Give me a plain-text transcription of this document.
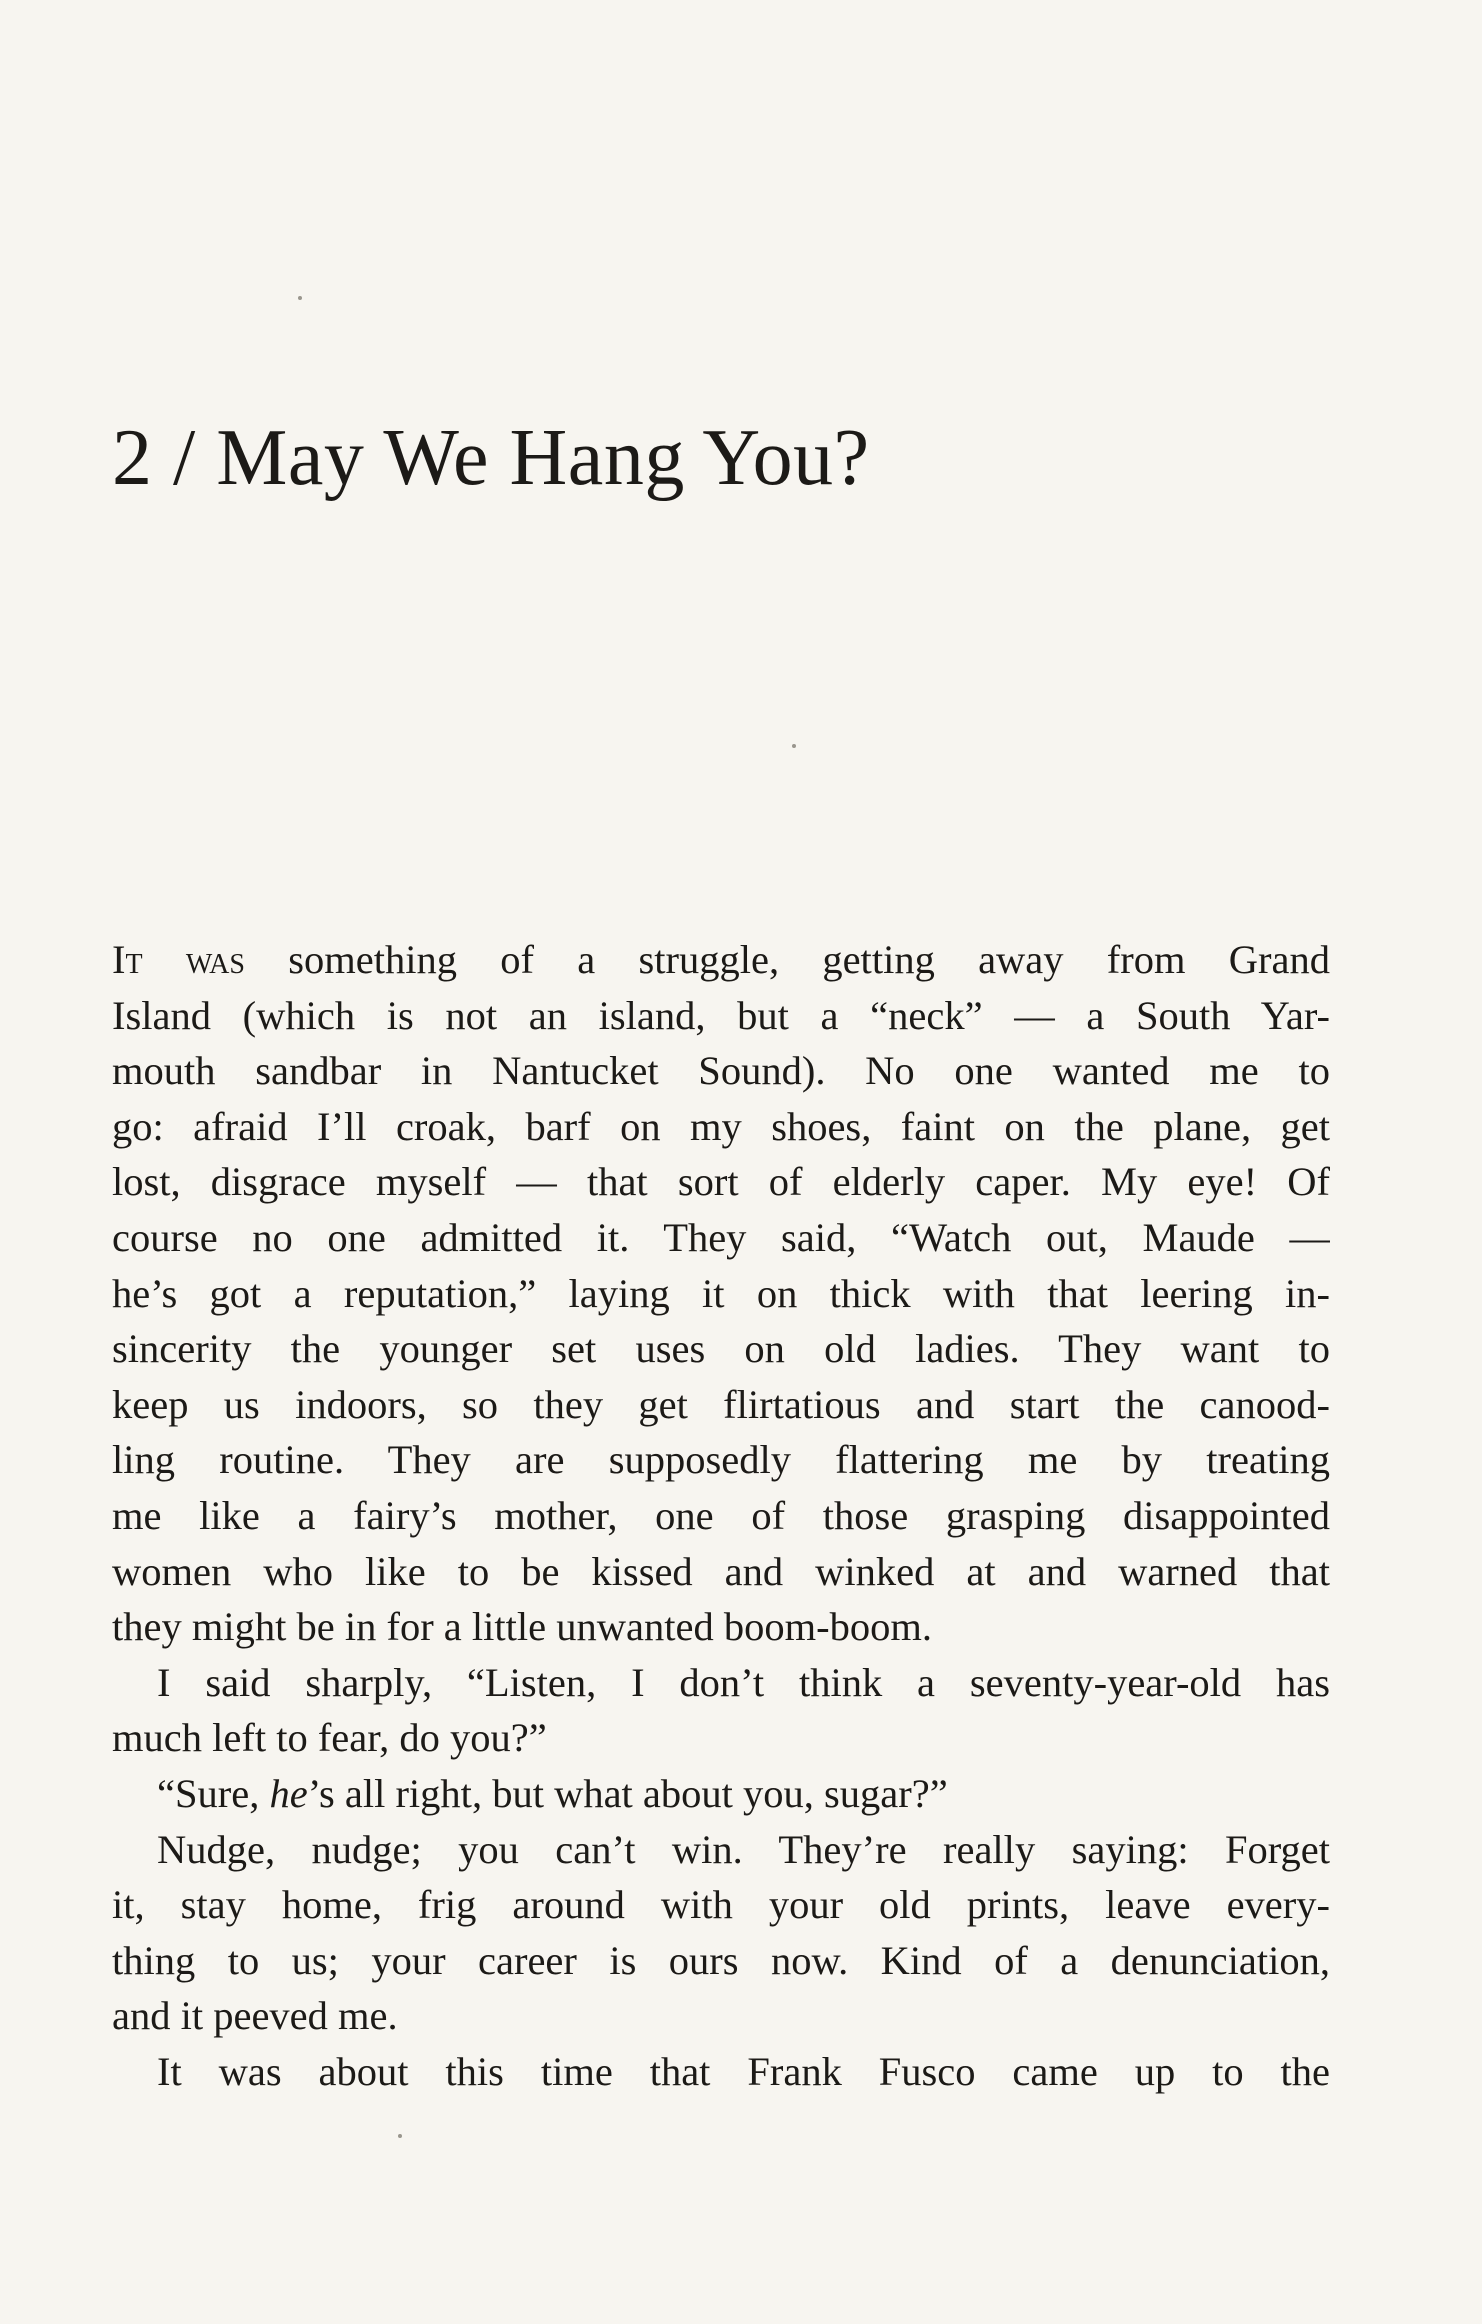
2 / May We Hang You?
It was something of a struggle, getting away from Grand
Island (which is not an island, but a “neck” — a South Yar-
mouth sandbar in Nantucket Sound). No one wanted me to
go: afraid I’ll croak, barf on my shoes, faint on the plane, get
lost, disgrace myself — that sort of elderly caper. My eye! Of
course no one admitted it. They said, “Watch out, Maude —
he’s got a reputation,” laying it on thick with that leering in-
sincerity the younger set uses on old ladies. They want to
keep us indoors, so they get flirtatious and start the canood-
ling routine. They are supposedly flattering me by treating
me like a fairy’s mother, one of those grasping disappointed
women who like to be kissed and winked at and warned that
they might be in for a little unwanted boom-boom.
I said sharply, “Listen, I don’t think a seventy-year-old has
much left to fear, do you?”
“Sure, he’s all right, but what about you, sugar?”
Nudge, nudge; you can’t win. They’re really saying: Forget
it, stay home, frig around with your old prints, leave every-
thing to us; your career is ours now. Kind of a denunciation,
and it peeved me.
It was about this time that Frank Fusco came up to the
